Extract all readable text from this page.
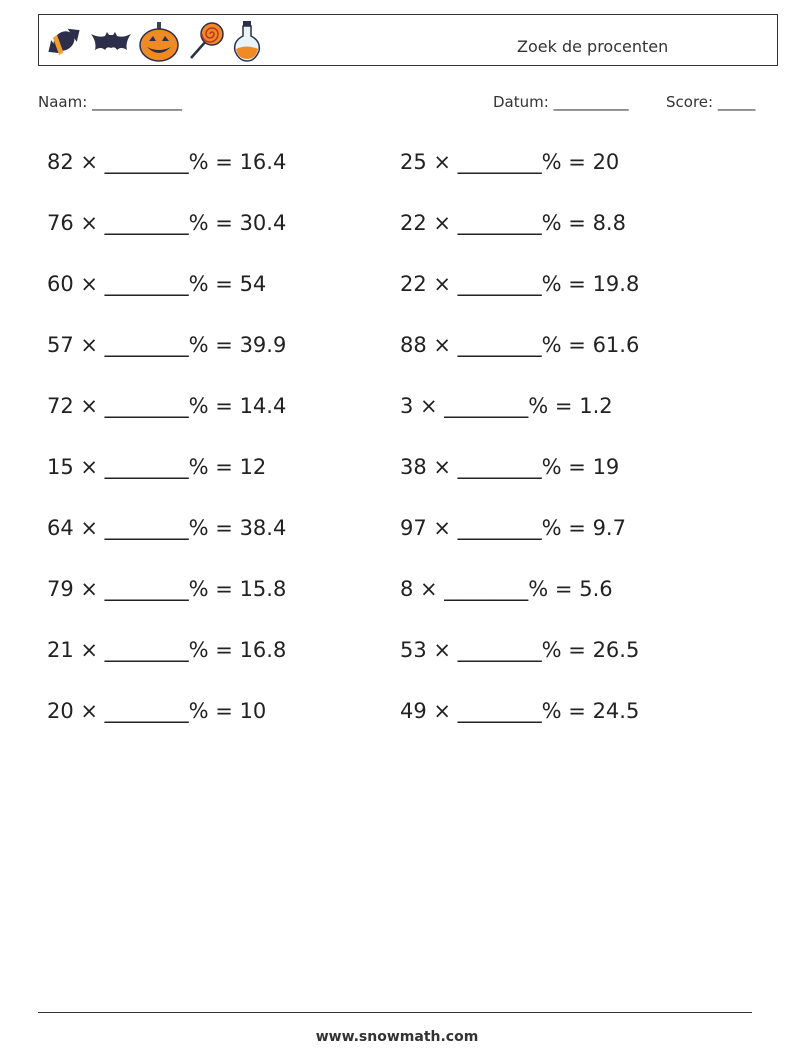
Zoek de procenten
Naam: ____________	Datum: __________ Score: _____
82 × ________% = 16.4
76 × ________% = 30.4
60 × ________% = 54
57 × ________% = 39.9
72 × ________% = 14.4
15 × ________% = 12
64 × ________% = 38.4
79 × ________% = 15.8
21 × ________% = 16.8
20 × ________% = 10
25 × ________% = 20
22 × ________% = 8.8
22 × ________% = 19.8
88 × ________% = 61.6
3 × ________% = 1.2
38 × ________% = 19
97 × ________% = 9.7
8 × ________% = 5.6
53 × ________% = 26.5
49 × ________% = 24.5
www.snowmath.com
